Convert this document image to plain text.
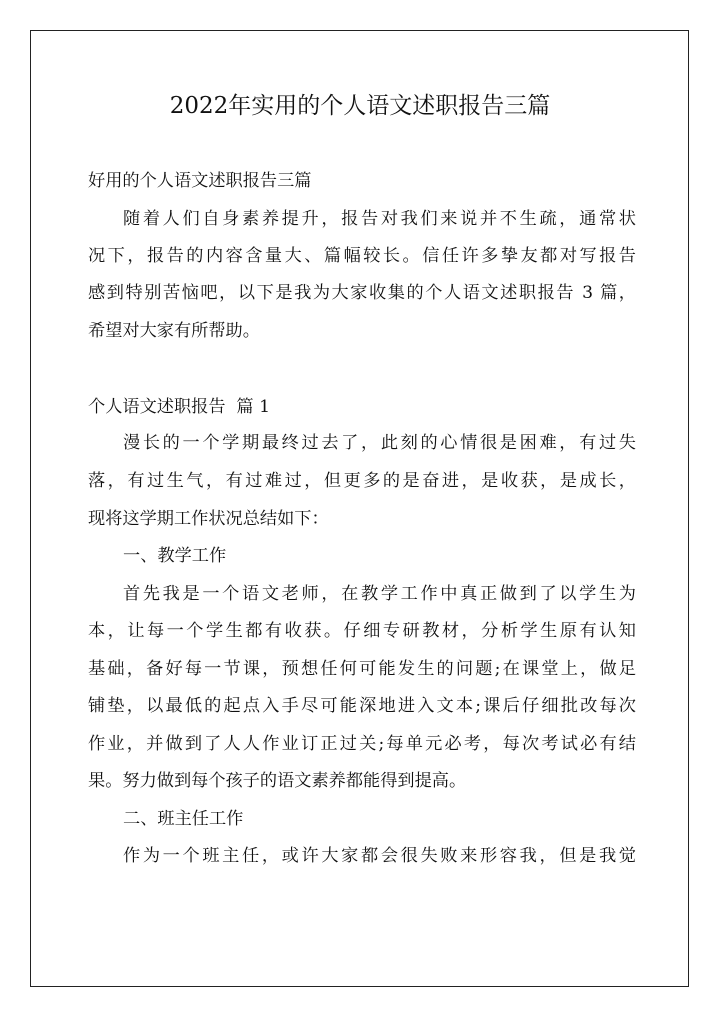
2022年实用的个人语文述职报告三篇

好用的个人语文述职报告三篇

随着人们自身素养提升，报告对我们来说并不生疏，通常状

况下，报告的内容含量大、篇幅较长。信任许多挚友都对写报告

感到特别苦恼吧，以下是我为大家收集的个人语文述职报告 3 篇，

希望对大家有所帮助。

个人语文述职报告  篇 1

漫长的一个学期最终过去了，此刻的心情很是困难，有过失

落，有过生气，有过难过，但更多的是奋进，是收获，是成长，

现将这学期工作状况总结如下：

一、教学工作

首先我是一个语文老师，在教学工作中真正做到了以学生为

本，让每一个学生都有收获。仔细专研教材，分析学生原有认知

基础，备好每一节课，预想任何可能发生的问题;在课堂上，做足

铺垫，以最低的起点入手尽可能深地进入文本;课后仔细批改每次

作业，并做到了人人作业订正过关;每单元必考，每次考试必有结

果。努力做到每个孩子的语文素养都能得到提高。

二、班主任工作

作为一个班主任，或许大家都会很失败来形容我，但是我觉
